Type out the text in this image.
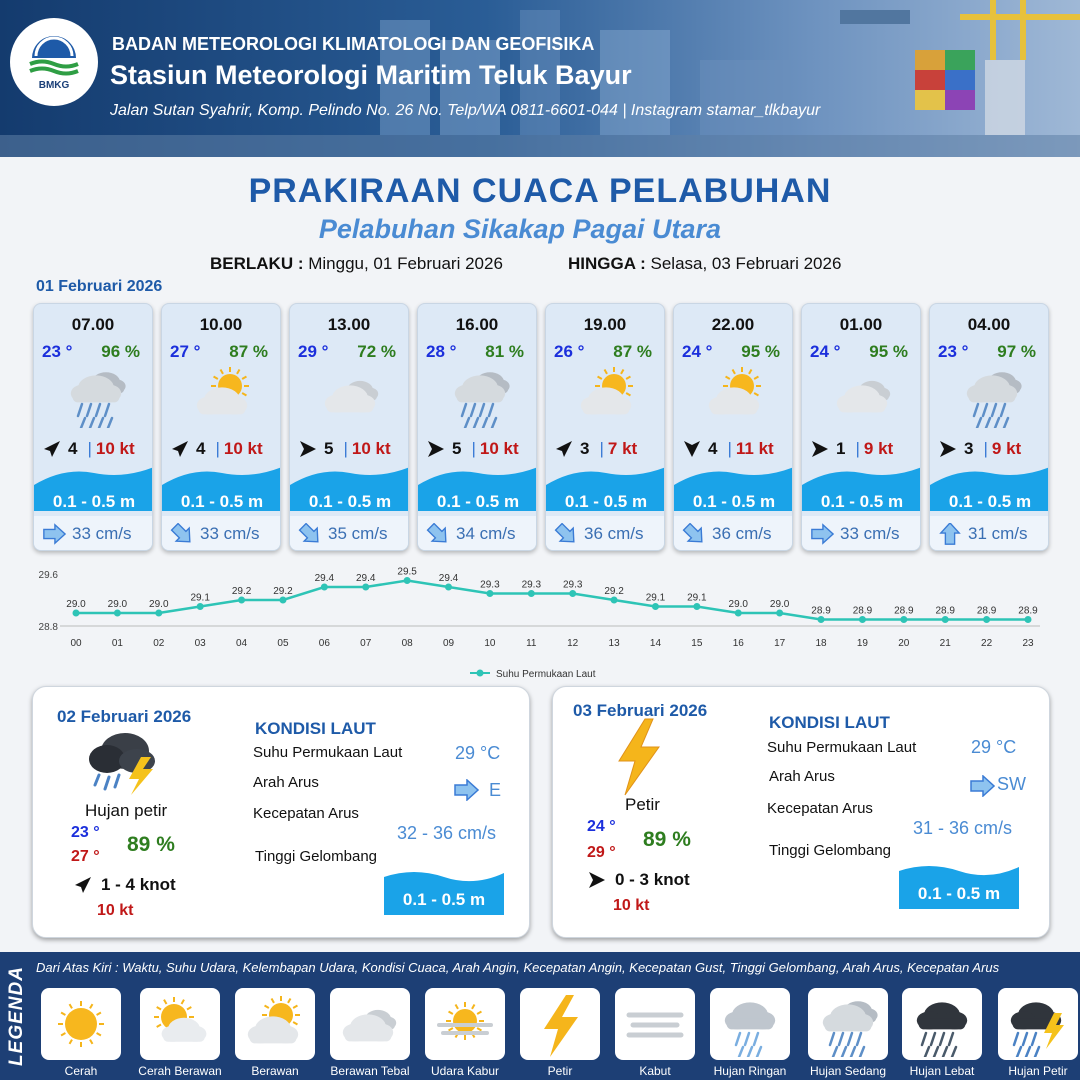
BMKG
BADAN METEOROLOGI KLIMATOLOGI DAN GEOFISIKA
Stasiun Meteorologi Maritim Teluk Bayur
Jalan Sutan Syahrir, Komp. Pelindo No. 26 No. Telp/WA 0811-6601-044 | Instagram stamar_tlkbayur
PRAKIRAAN CUACA PELABUHAN
Pelabuhan Sikakap Pagai Utara
BERLAKU : Minggu, 01 Februari 2026	HINGGA : Selasa, 03 Februari 2026
01 Februari 2026
07.00
23 ° 96 %
4 | 10 kt
0.1 - 0.5 m
33 cm/s
10.00
27 ° 87 %
4 | 10 kt
0.1 - 0.5 m
33 cm/s
13.00
29 ° 72 %
5 | 10 kt
0.1 - 0.5 m
35 cm/s
16.00
28 ° 81 %
5 | 10 kt
0.1 - 0.5 m
34 cm/s
19.00
26 ° 87 %
3 | 7 kt
0.1 - 0.5 m
36 cm/s
22.00
24 ° 95 %
4 | 11 kt
0.1 - 0.5 m
36 cm/s
01.00
24 ° 95 %
1 | 9 kt
0.1 - 0.5 m
33 cm/s
04.00
23 ° 97 %
3 | 9 kt
0.1 - 0.5 m
31 cm/s
29.6
28.8
29.0
00
29.0
01
29.0
02
29.1
03
29.2
04
29.2
05
29.4
06
29.4
07
29.5
08
29.4
09
29.3
10
29.3
11
29.3
12
29.2
13
29.1
14
29.1
15
29.0
16
29.0
17
28.9
18
28.9
19
28.9
20
28.9
21
28.9
22
28.9
23
Suhu Permukaan Laut
02 Februari 2026
Hujan petir
23 °
27 °
89 %
1 - 4 knot
10 kt
KONDISI LAUT
Suhu Permukaan Laut	29 °C
Arah Arus	E
Kecepatan Arus
32 - 36 cm/s
Tinggi Gelombang
0.1 - 0.5 m
03 Februari 2026
Petir
24 °
29 °
89 %
0 - 3 knot
10 kt
KONDISI LAUT
Suhu Permukaan Laut	29 °C
Arah Arus	SW
Kecepatan Arus
31 - 36 cm/s
Tinggi Gelombang
0.1 - 0.5 m
LEGENDA Dari Atas Kiri : Waktu, Suhu Udara, Kelembapan Udara, Kondisi Cuaca, Arah Angin, Kecepatan Angin, Kecepatan Gust, Tinggi Gelombang, Arah Arus, Kecepatan Arus
Cerah	Cerah Berawan	Berawan	Berawan Tebal	Udara Kabur	Petir	Kabut	Hujan Ringan	Hujan Sedang	Hujan Lebat	Hujan Petir
